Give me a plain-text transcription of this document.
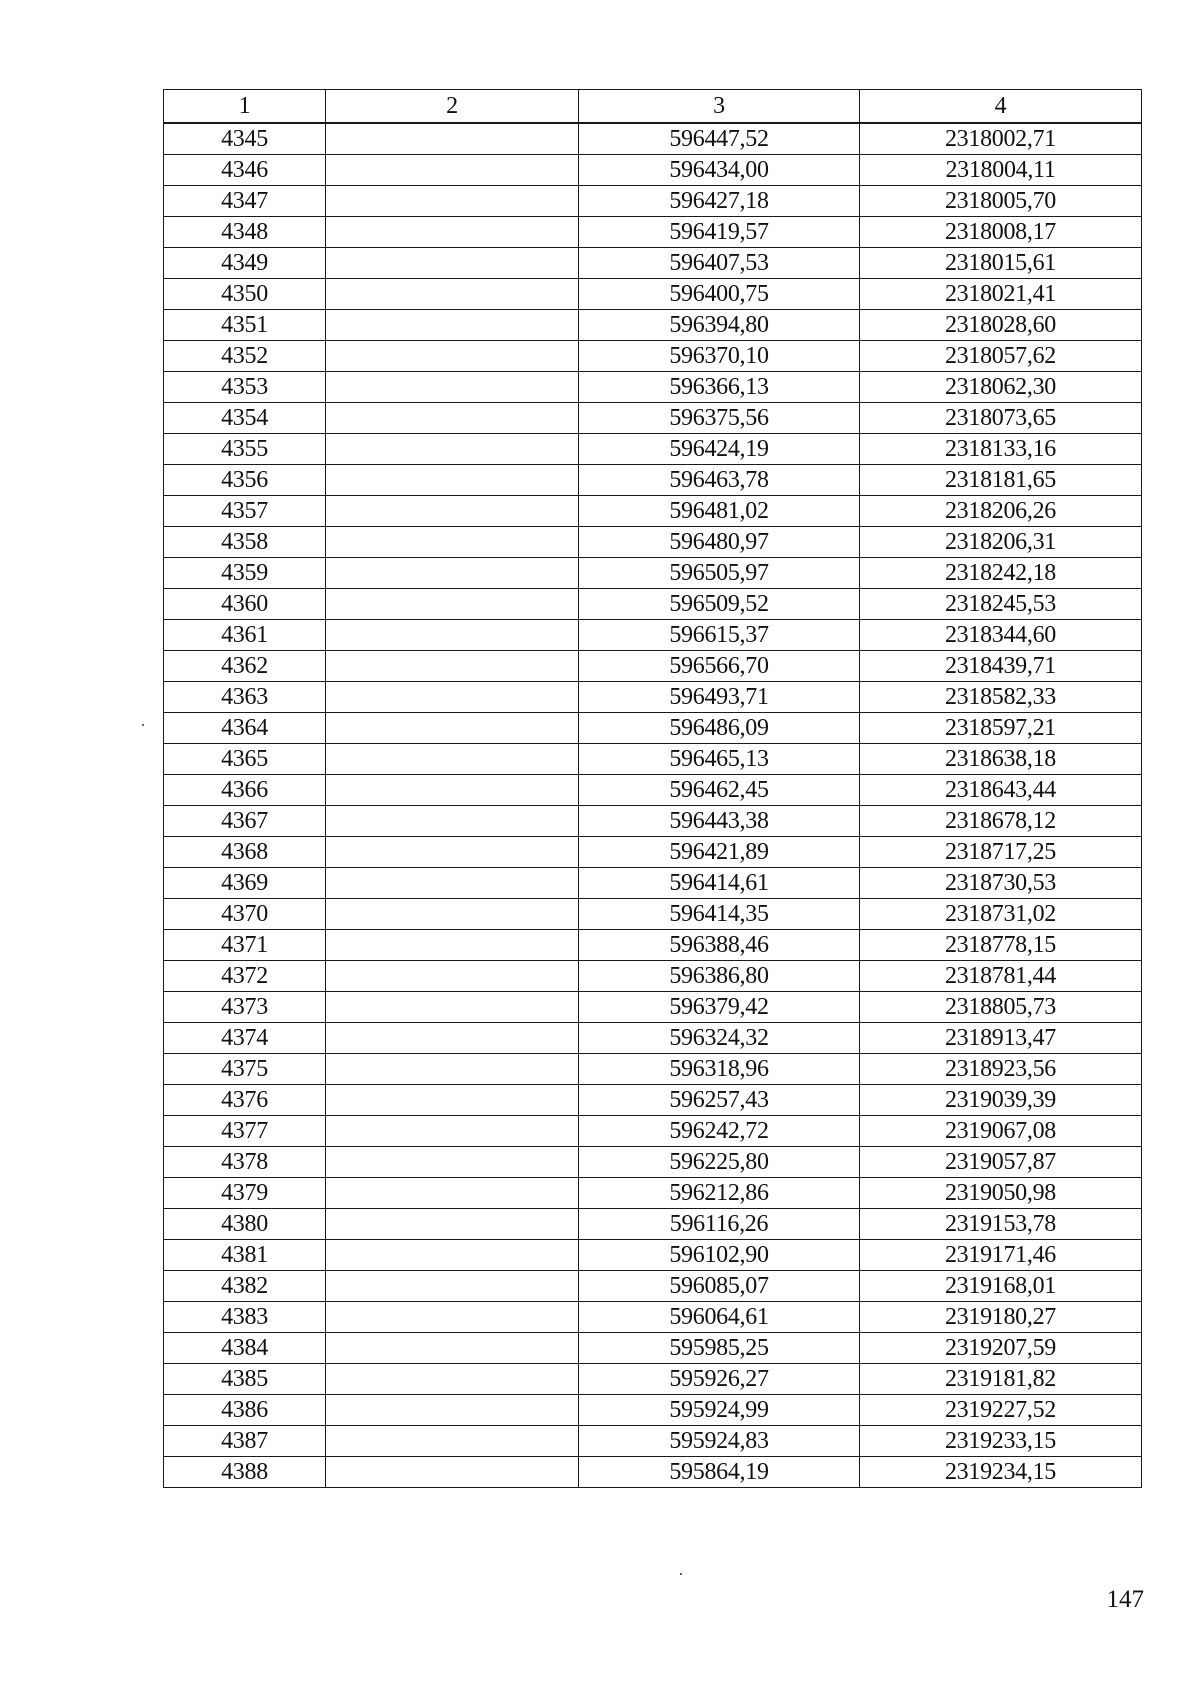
1	2	3	4
4345		596447,52	2318002,71
4346		596434,00	2318004,11
4347		596427,18	2318005,70
4348		596419,57	2318008,17
4349		596407,53	2318015,61
4350		596400,75	2318021,41
4351		596394,80	2318028,60
4352		596370,10	2318057,62
4353		596366,13	2318062,30
4354		596375,56	2318073,65
4355		596424,19	2318133,16
4356		596463,78	2318181,65
4357		596481,02	2318206,26
4358		596480,97	2318206,31
4359		596505,97	2318242,18
4360		596509,52	2318245,53
4361		596615,37	2318344,60
4362		596566,70	2318439,71
4363		596493,71	2318582,33
4364		596486,09	2318597,21
4365		596465,13	2318638,18
4366		596462,45	2318643,44
4367		596443,38	2318678,12
4368		596421,89	2318717,25
4369		596414,61	2318730,53
4370		596414,35	2318731,02
4371		596388,46	2318778,15
4372		596386,80	2318781,44
4373		596379,42	2318805,73
4374		596324,32	2318913,47
4375		596318,96	2318923,56
4376		596257,43	2319039,39
4377		596242,72	2319067,08
4378		596225,80	2319057,87
4379		596212,86	2319050,98
4380		596116,26	2319153,78
4381		596102,90	2319171,46
4382		596085,07	2319168,01
4383		596064,61	2319180,27
4384		595985,25	2319207,59
4385		595926,27	2319181,82
4386		595924,99	2319227,52
4387		595924,83	2319233,15
4388		595864,19	2319234,15
147
